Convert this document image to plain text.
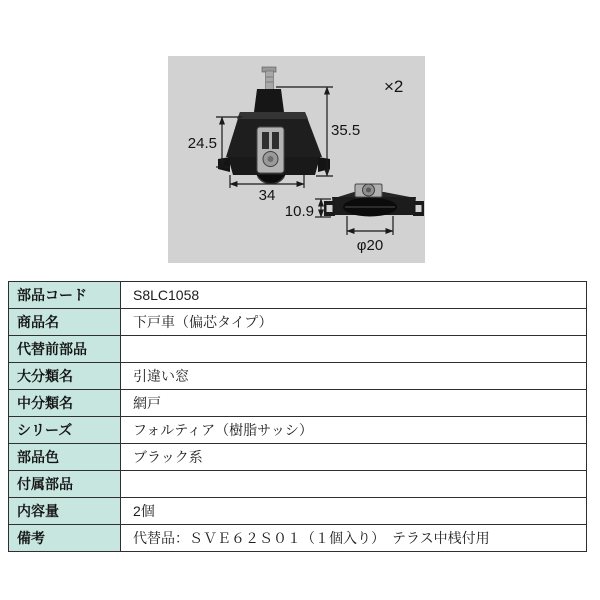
24.5
35.5
34
10.9
φ20
×2
部品コード	S8LC1058
商品名	下戸車（偏芯タイプ）
代替前部品	
大分類名	引違い窓
中分類名	網戸
シリーズ	フォルティア（樹脂サッシ）
部品色	ブラック系
付属部品	
内容量	2個
備考	代替品：ＳＶＥ６２Ｓ０１（１個入り）　テラス中桟付用
